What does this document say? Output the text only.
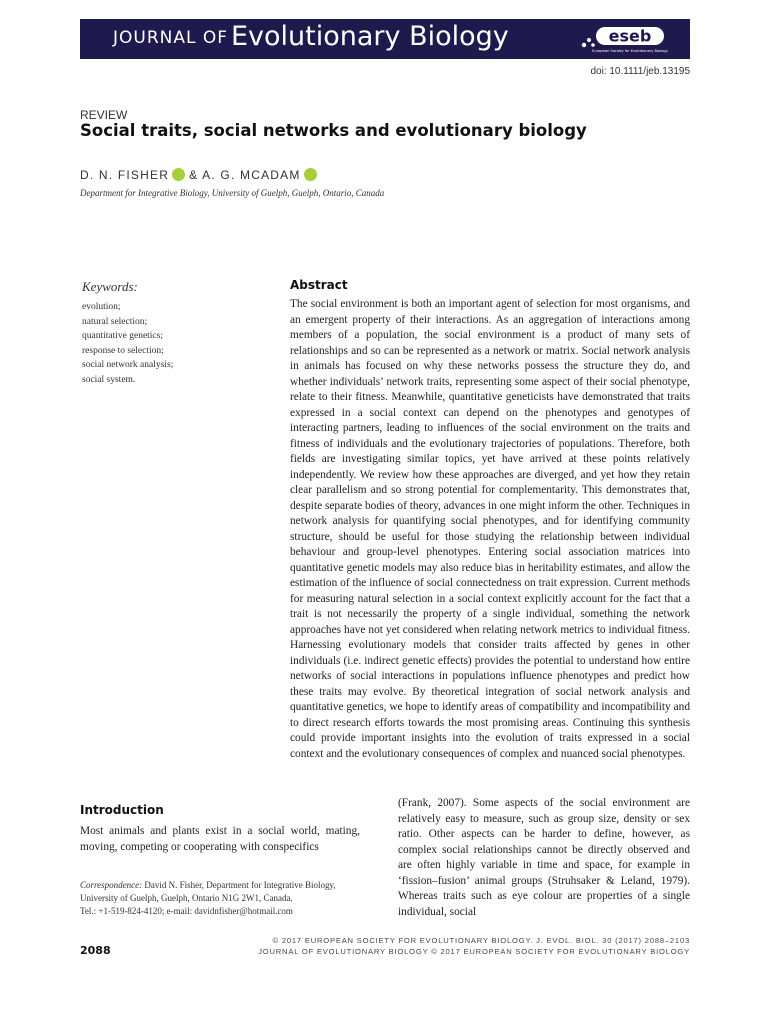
JOURNAL OF Evolutionary Biology	eseb
European Society for Evolutionary Biology
doi: 10.1111/jeb.13195
REVIEW
Social traits, social networks and evolutionary biology
D. N. FISHER & A. G. MCADAM
Department for Integrative Biology, University of Guelph, Guelph, Ontario, Canada
Keywords:
evolution;
natural selection;
quantitative genetics;
response to selection;
social network analysis;
social system.
Abstract
The social environment is both an important agent of selection for most organisms, and an emergent property of their interactions. As an aggregation of interactions among members of a population, the social environment is a product of many sets of relationships and so can be represented as a network or matrix. Social network analysis in animals has focused on why these networks possess the structure they do, and whether individuals’ network traits, representing some aspect of their social phenotype, relate to their fitness. Meanwhile, quantitative geneticists have demonstrated that traits expressed in a social context can depend on the phenotypes and genotypes of interacting partners, leading to influences of the social environment on the traits and fitness of individuals and the evolutionary trajectories of populations. Therefore, both fields are investigating similar topics, yet have arrived at these points relatively independently. We review how these approaches are diverged, and yet how they retain clear parallelism and so strong potential for complementarity. This demonstrates that, despite separate bodies of theory, advances in one might inform the other. Techniques in network analysis for quantifying social phenotypes, and for identifying community structure, should be useful for those studying the relationship between individual behaviour and group-level phenotypes. Entering social association matrices into quantitative genetic models may also reduce bias in heritability estimates, and allow the estimation of the influence of social connectedness on trait expression. Current methods for measuring natural selection in a social context explicitly account for the fact that a trait is not necessarily the property of a single individual, something the network approaches have not yet considered when relating network metrics to individual fitness. Harnessing evolutionary models that consider traits affected by genes in other individuals (i.e. indirect genetic effects) provides the potential to understand how entire networks of social interactions in populations influence phenotypes and predict how these traits may evolve. By theoretical integration of social network analysis and quantitative genetics, we hope to identify areas of compatibility and incompatibility and to direct research efforts towards the most promising areas. Continuing this synthesis could provide important insights into the evolution of traits expressed in a social context and the evolutionary consequences of complex and nuanced social phenotypes.
Introduction
Most animals and plants exist in a social world, mating, moving, competing or cooperating with conspecifics
Correspondence: David N. Fisher, Department for Integrative Biology,
University of Guelph, Guelph, Ontario N1G 2W1, Canada.
Tel.: +1-519-824-4120; e-mail: davidnfisher@hotmail.com
(Frank, 2007). Some aspects of the social environment are relatively easy to measure, such as group size, density or sex ratio. Other aspects can be harder to define, however, as complex social relationships cannot be directly observed and are often highly variable in time and space, for example in ‘fission–fusion’ animal groups (Struhsaker & Leland, 1979). Whereas traits such as eye colour are properties of a single individual, social
2088
© 2017 EUROPEAN SOCIETY FOR EVOLUTIONARY BIOLOGY. J. EVOL. BIOL. 30 (2017) 2088–2103
JOURNAL OF EVOLUTIONARY BIOLOGY © 2017 EUROPEAN SOCIETY FOR EVOLUTIONARY BIOLOGY
